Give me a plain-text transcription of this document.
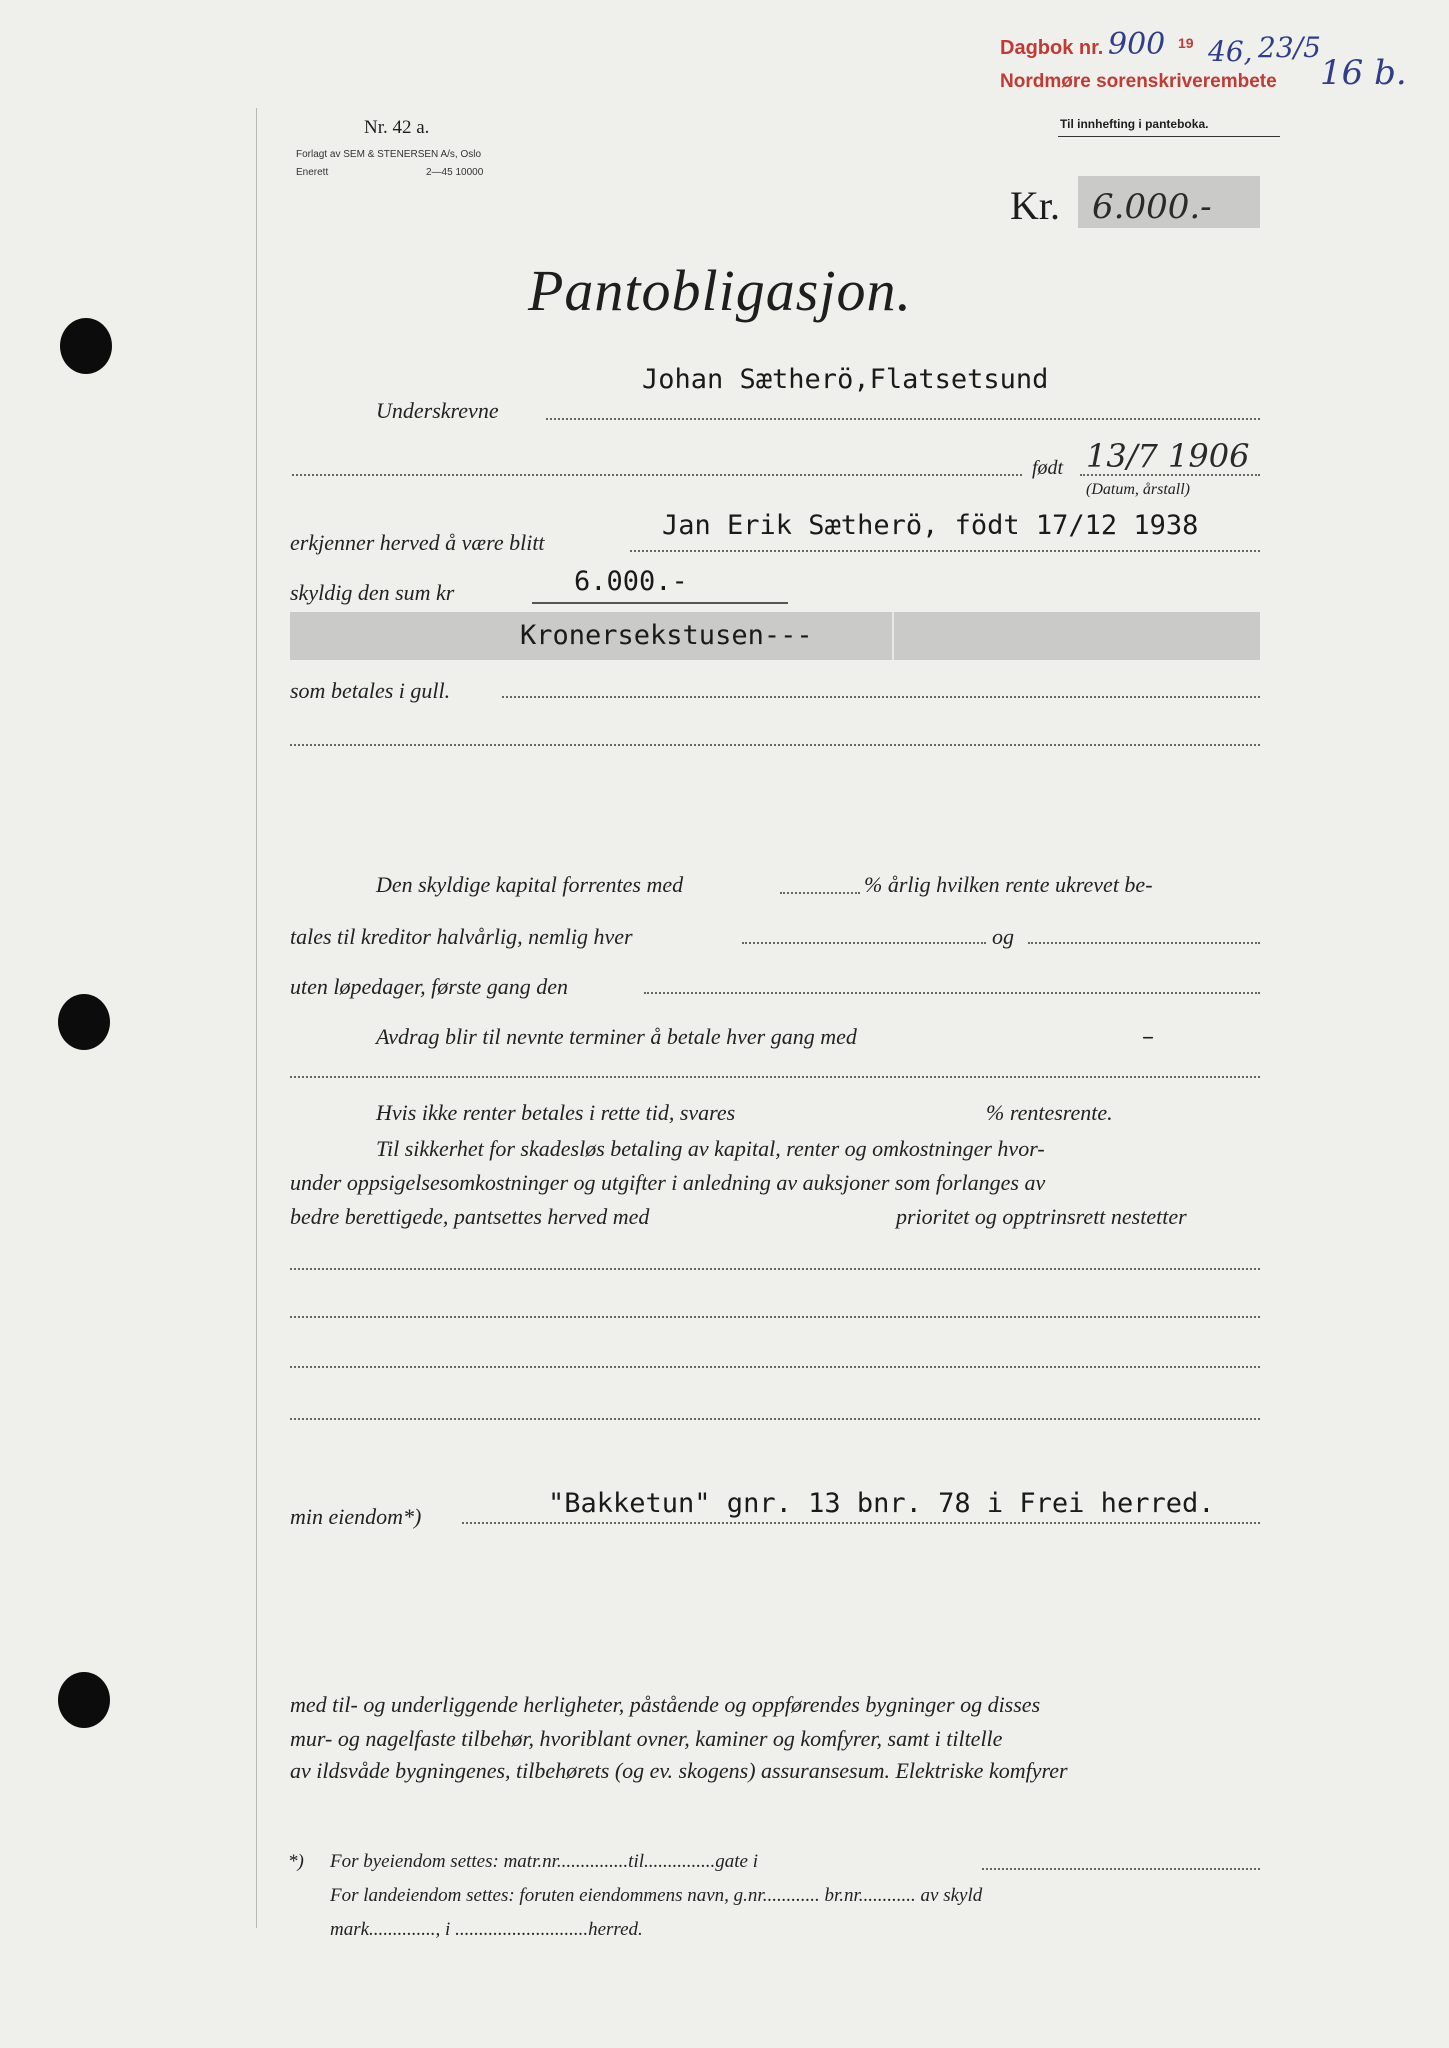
Dagbok nr. 900 19 46, 23/5
Nordmøre sorenskriverembete 16 b.
Nr. 42 a.
Forlagt av SEM & STENERSEN A/s, Oslo
Enerett	2—45 10000
Til innhefting i panteboka.
Kr. 6.000.-
Pantobligasjon.
Johan Sætherö,Flatsetsund
Underskrevne
født 13/7 1906
(Datum, årstall)
erkjenner herved å være blitt
Jan Erik Sætherö, födt 17/12 1938
skyldig den sum kr	6.000.-
Kronersekstusen---
som betales i gull.
Den skyldige kapital forrentes med	% årlig hvilken rente ukrevet be-
tales til kreditor halvårlig, nemlig hver	og
uten løpedager, første gang den
Avdrag blir til nevnte terminer å betale hver gang med	–
Hvis ikke renter betales i rette tid, svares	% rentesrente.
Til sikkerhet for skadesløs betaling av kapital, renter og omkostninger hvor-
under oppsigelsesomkostninger og utgifter i anledning av auksjoner som forlanges av
bedre berettigede, pantsettes herved med	prioritet og opptrinsrett nestetter
"Bakketun" gnr. 13 bnr. 78 i Frei herred.
min eiendom*)
med til- og underliggende herligheter, påstående og oppførendes bygninger og disses
mur- og nagelfaste tilbehør, hvoriblant ovner, kaminer og komfyrer, samt i tiltelle
av ildsvåde bygningenes, tilbehørets (og ev. skogens) assuransesum. Elektriske komfyrer
*) For byeiendom settes: matr.nr...............til...............gate i
For landeiendom settes: foruten eiendommens navn, g.nr............ br.nr............ av skyld
mark.............., i ............................herred.
